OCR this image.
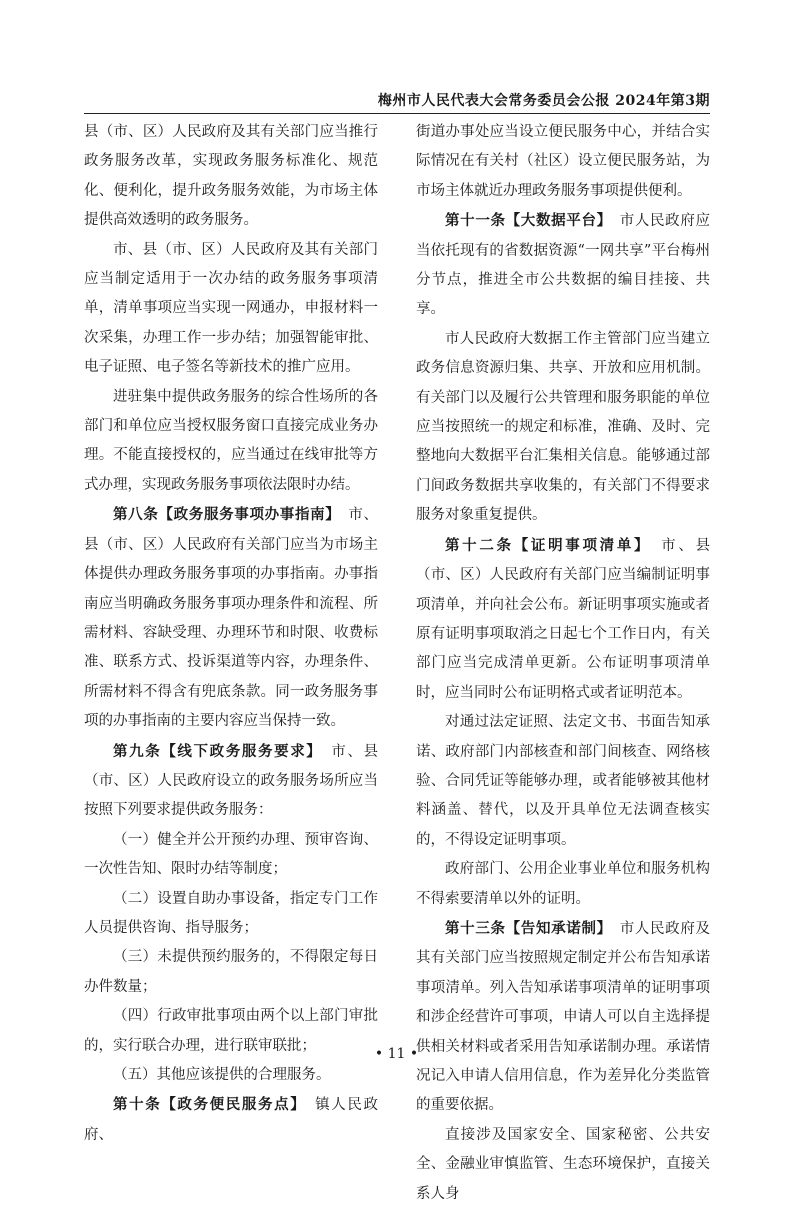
梅州市人民代表大会常务委员会公报 2024年第3期

县（市、区）人民政府及其有关部门应当推行政务服务改革，实现政务服务标准化、规范化、便利化，提升政务服务效能，为市场主体提供高效透明的政务服务。

市、县（市、区）人民政府及其有关部门应当制定适用于一次办结的政务服务事项清单，清单事项应当实现一网通办，申报材料一次采集，办理工作一步办结；加强智能审批、电子证照、电子签名等新技术的推广应用。

进驻集中提供政务服务的综合性场所的各部门和单位应当授权服务窗口直接完成业务办理。不能直接授权的，应当通过在线审批等方式办理，实现政务服务事项依法限时办结。

第八条【政务服务事项办事指南】　市、县（市、区）人民政府有关部门应当为市场主体提供办理政务服务事项的办事指南。办事指南应当明确政务服务事项办理条件和流程、所需材料、容缺受理、办理环节和时限、收费标准、联系方式、投诉渠道等内容，办理条件、所需材料不得含有兜底条款。同一政务服务事项的办事指南的主要内容应当保持一致。

第九条【线下政务服务要求】　市、县（市、区）人民政府设立的政务服务场所应当按照下列要求提供政务服务：

（一）健全并公开预约办理、预审咨询、一次性告知、限时办结等制度；

（二）设置自助办事设备，指定专门工作人员提供咨询、指导服务；

（三）未提供预约服务的，不得限定每日办件数量；

（四）行政审批事项由两个以上部门审批的，实行联合办理，进行联审联批；

（五）其他应该提供的合理服务。

第十条【政务便民服务点】　镇人民政府、

街道办事处应当设立便民服务中心，并结合实际情况在有关村（社区）设立便民服务站，为市场主体就近办理政务服务事项提供便利。

第十一条【大数据平台】　市人民政府应当依托现有的省数据资源“一网共享”平台梅州分节点，推进全市公共数据的编目挂接、共享。

市人民政府大数据工作主管部门应当建立政务信息资源归集、共享、开放和应用机制。有关部门以及履行公共管理和服务职能的单位应当按照统一的规定和标准，准确、及时、完整地向大数据平台汇集相关信息。能够通过部门间政务数据共享收集的，有关部门不得要求服务对象重复提供。

第十二条【证明事项清单】　市、县（市、区）人民政府有关部门应当编制证明事项清单，并向社会公布。新证明事项实施或者原有证明事项取消之日起七个工作日内，有关部门应当完成清单更新。公布证明事项清单时，应当同时公布证明格式或者证明范本。

对通过法定证照、法定文书、书面告知承诺、政府部门内部核查和部门间核查、网络核验、合同凭证等能够办理，或者能够被其他材料涵盖、替代，以及开具单位无法调查核实的，不得设定证明事项。

政府部门、公用企业事业单位和服务机构不得索要清单以外的证明。

第十三条【告知承诺制】　市人民政府及其有关部门应当按照规定制定并公布告知承诺事项清单。列入告知承诺事项清单的证明事项和涉企经营许可事项，申请人可以自主选择提供相关材料或者采用告知承诺制办理。承诺情况记入申请人信用信息，作为差异化分类监管的重要依据。

直接涉及国家安全、国家秘密、公共安全、金融业审慎监管、生态环境保护，直接关系人身

• 11 •
